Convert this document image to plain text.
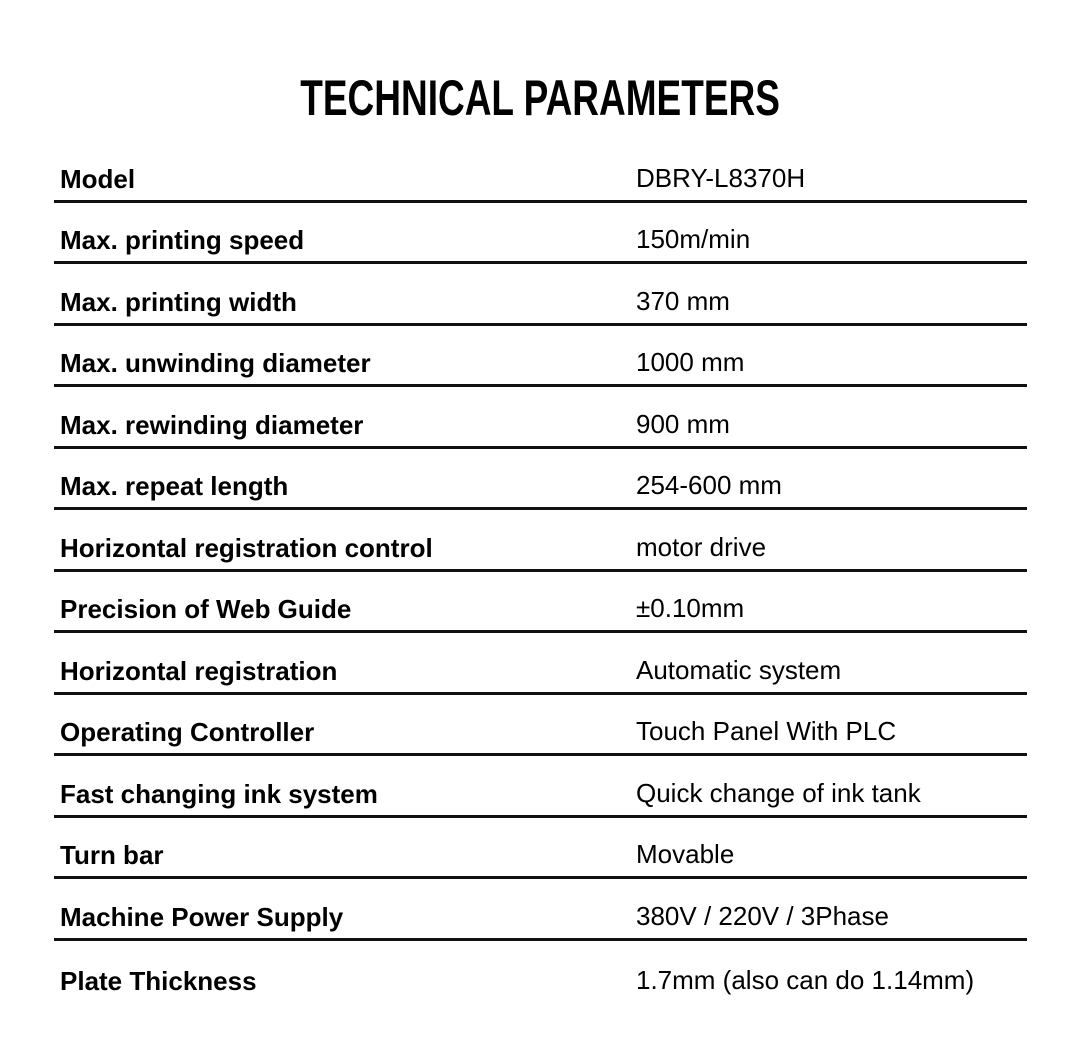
TECHNICAL PARAMETERS
Model	DBRY-L8370H
Max. printing speed	150m/min
Max. printing width	370 mm
Max. unwinding diameter	1000 mm
Max. rewinding diameter	900 mm
Max. repeat length	254-600 mm
Horizontal registration control	motor drive
Precision of Web Guide	±0.10mm
Horizontal registration	Automatic system
Operating Controller	Touch Panel With PLC
Fast changing ink system	Quick change of ink tank
Turn bar	Movable
Machine Power Supply	380V / 220V / 3Phase
Plate Thickness	1.7mm (also can do 1.14mm)
